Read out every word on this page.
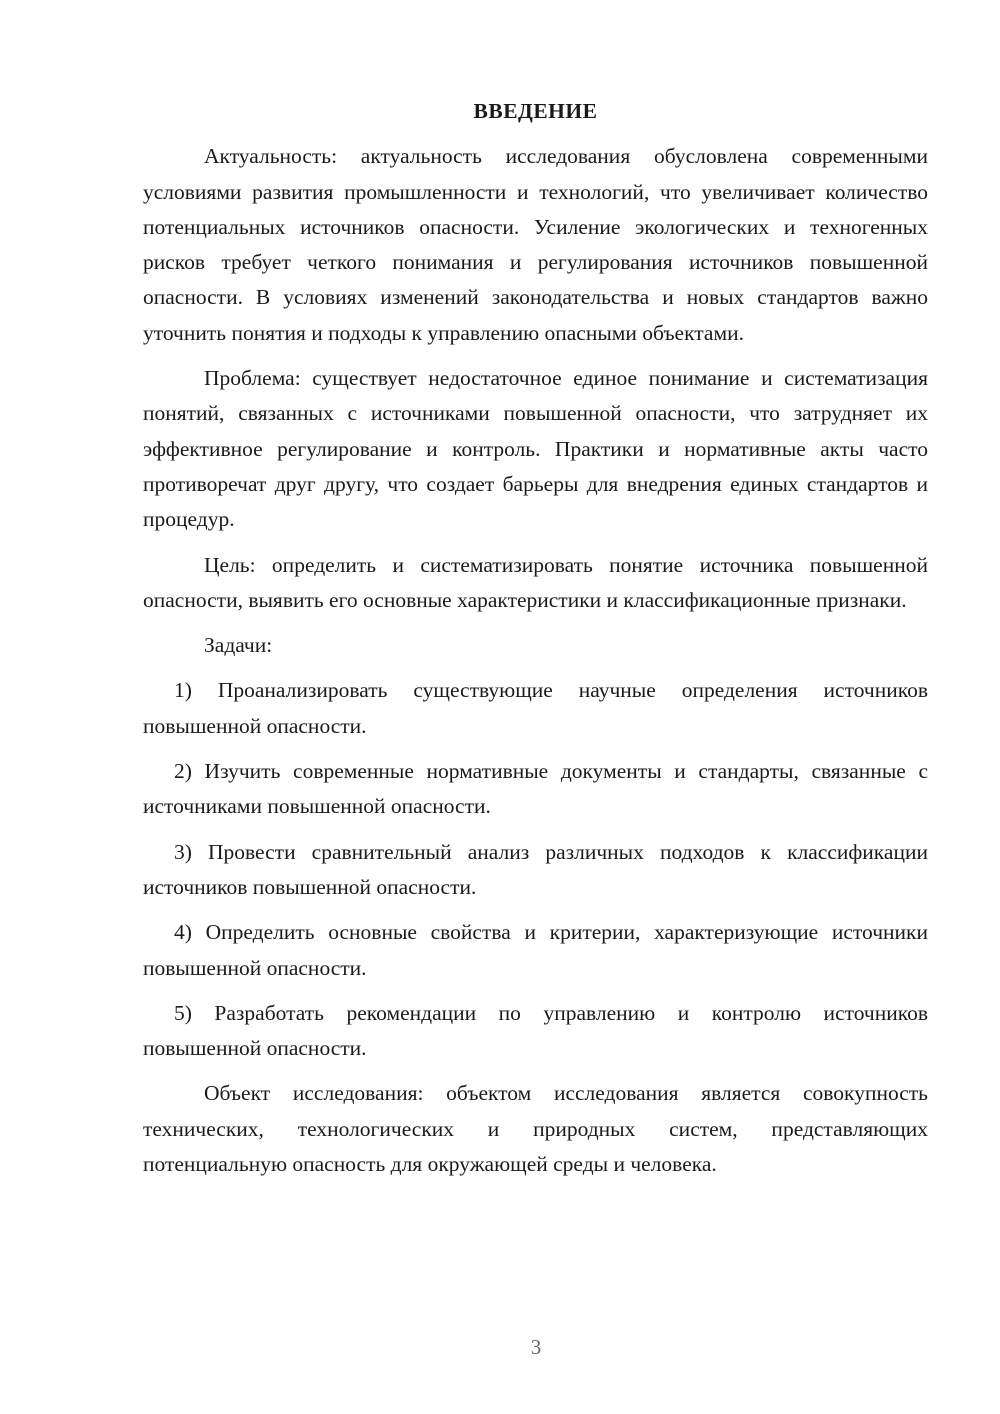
ВВЕДЕНИЕ

Актуальность: актуальность исследования обусловлена современными условиями развития промышленности и технологий, что увеличивает количество потенциальных источников опасности. Усиление экологических и техногенных рисков требует четкого понимания и регулирования источников повышенной опасности. В условиях изменений законодательства и новых стандартов важно уточнить понятия и подходы к управлению опасными объектами.

Проблема: существует недостаточное единое понимание и систематизация понятий, связанных с источниками повышенной опасности, что затрудняет их эффективное регулирование и контроль. Практики и нормативные акты часто противоречат друг другу, что создает барьеры для внедрения единых стандартов и процедур.

Цель: определить и систематизировать понятие источника повышенной опасности, выявить его основные характеристики и классификационные признаки.

Задачи:

1) Проанализировать существующие научные определения источников повышенной опасности.

2) Изучить современные нормативные документы и стандарты, связанные с источниками повышенной опасности.

3) Провести сравнительный анализ различных подходов к классификации источников повышенной опасности.

4) Определить основные свойства и критерии, характеризующие источники повышенной опасности.

5) Разработать рекомендации по управлению и контролю источников повышенной опасности.

Объект исследования: объектом исследования является совокупность технических, технологических и природных систем, представляющих потенциальную опасность для окружающей среды и человека.

3
